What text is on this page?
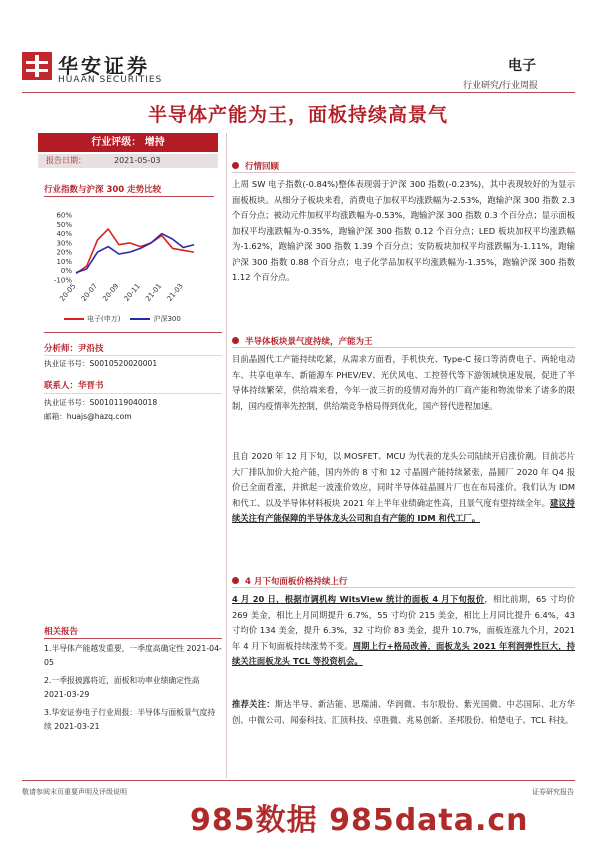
华安证券
HUAAN SECURITIES
电子
行业研究/行业周报
半导体产能为王，面板持续高景气
行业评级： 增持
报告日期：	2021-05-03
行业指数与沪深 300 走势比较
60%
50%
40%
30%
20%
10%
0%
-10%
20-05 20-07 20-09 20-11 21-01 21-03
电子(申万)	沪深300
分析师：尹沿技
执业证书号：S0010520020001
联系人：华晋书
执业证书号：S0010119040018
邮箱：huajs@hazq.com
相关报告
1.半导体产能越发重要，一季度高确定性 2021-04-05
2.一季报披露将近，面板和功率业绩确定性高 2021-03-29
3.华安证券电子行业周报：半导体与面板景气度持续 2021-03-21
行情回顾
上周 SW 电子指数(-0.84%)整体表现弱于沪深 300 指数(-0.23%)，其中表现较好的为显示面板板块。从细分子板块来看，消费电子加权平均涨跌幅为-2.53%，跑输沪深 300 指数 2.3 个百分点；被动元件加权平均涨跌幅为-0.53%，跑输沪深 300 指数 0.3 个百分点；显示面板加权平均涨跌幅为-0.35%，跑输沪深 300 指数 0.12 个百分点；LED 板块加权平均涨跌幅为-1.62%，跑输沪深 300 指数 1.39 个百分点；安防板块加权平均涨跌幅为-1.11%，跑输沪深 300 指数 0.88 个百分点；电子化学品加权平均涨跌幅为-1.35%，跑输沪深 300 指数 1.12 个百分点。
半导体板块景气度持续，产能为王
目前晶圆代工产能持续吃紧，从需求方面看，手机快充、Type-C 接口等消费电子、两轮电动车、共享电单车、新能源车 PHEV/EV、光伏风电、工控替代等下游领域快速发展，促进了半导体持续繁荣，供给端来看，今年一波三折的疫情对海外的厂商产能和物流带来了诸多的限制，国内疫情率先控制，供给端竞争格局得到优化，国产替代进程加速。
且自 2020 年 12 月下旬，以 MOSFET、MCU 为代表的龙头公司陆续开启涨价潮。目前芯片大厂排队加价大抢产能，国内外的 8 寸和 12 寸晶圆产能持续紧张，晶圆厂 2020 年 Q4 报价已全面看涨，并掀起一波涨价效应，同时半导体硅晶圆片厂也在布局涨价。我们认为 IDM 和代工、以及半导体材料板块 2021 年上半年业绩确定性高，且景气度有望持续全年。建议持续关注有产能保障的半导体龙头公司和自有产能的 IDM 和代工厂。
4 月下旬面板价格持续上行
4 月 20 日，根据市调机构 WitsView 统计的面板 4 月下旬报价，相比前期，65 寸均价 269 美金，相比上月同期提升 6.7%，55 寸均价 215 美金，相比上月同比提升 6.4%，43 寸均价 134 美金，提升 6.3%，32 寸均价 83 美金，提升 10.7%，面板连涨九个月，2021 年 4 月下旬面板持续涨势不变。周期上行+格局改善，面板龙头 2021 年利润弹性巨大，持续关注面板龙头 TCL 等投资机会。
推荐关注：斯达半导、新洁能、思瑞浦、华润微、韦尔股份、紫光国微、中芯国际、北方华创、中微公司、闻泰科技、汇顶科技、卓胜微、兆易创新、圣邦股份、柏楚电子、TCL 科技。
敬请参阅末页重要声明及评级说明	证券研究报告
985数据 985data.cn
